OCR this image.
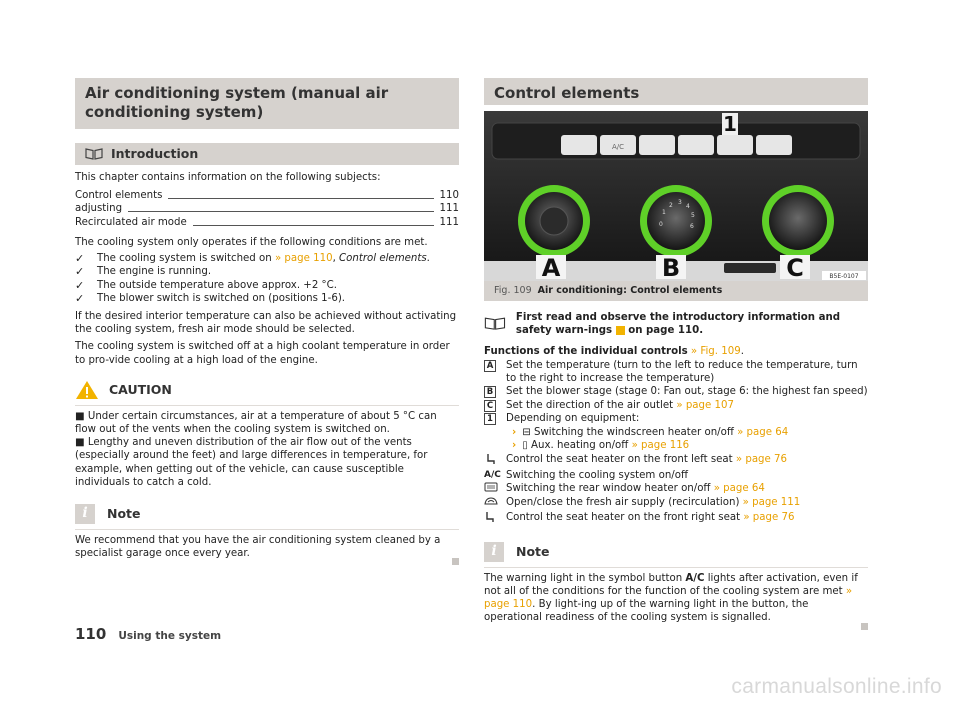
Air conditioning system (manual air conditioning system)
Introduction

This chapter contains information on the following subjects:

Control elements	110
adjusting	111
Recirculated air mode	111

The cooling system only operates if the following conditions are met.

✓	The cooling system is switched on » page 110, Control elements.
✓	The engine is running.
✓	The outside temperature above approx. +2 °C.
✓	The blower switch is switched on (positions 1-6).

If the desired interior temperature can also be achieved without activating the cooling system, fresh air mode should be selected.

The cooling system is switched off at a high coolant temperature in order to pro-vide cooling at a high load of the engine.

CAUTION

■ Under certain circumstances, air at a temperature of about 5 °C can flow out of the vents when the cooling system is switched on.

■ Lengthy and uneven distribution of the air flow out of the vents (especially around the feet) and large differences in temperature, for example, when getting out of the vehicle, can cause susceptible individuals to catch a cold.

i	Note

We recommend that you have the air conditioning system cleaned by a specialist garage once every year.

Control elements
A/C
1
0
1
2 3
4
5
6
A	B	C	B5E-0107
Fig. 109 Air conditioning: Control elements
First read and observe the introductory information and safety warn-ings  on page 110.

Functions of the individual controls » Fig. 109.

A	Set the temperature (turn to the left to reduce the temperature, turn to the right to increase the temperature)
B	Set the blower stage (stage 0: Fan out, stage 6: the highest fan speed)
C	Set the direction of the air outlet » page 107
1	Depending on equipment:
› ⊟ Switching the windscreen heater on/off » page 64
› ▯ Aux. heating on/off » page 116
Control the seat heater on the front left seat » page 76
A/C Switching the cooling system on/off
Switching the rear window heater on/off » page 64
Open/close the fresh air supply (recirculation) » page 111
Control the seat heater on the front right seat » page 76
i	Note

The warning light in the symbol button A/C lights after activation, even if not all of the conditions for the function of the cooling system are met » page 110. By light-ing up of the warning light in the button, the operational readiness of the cooling system is signalled.

110 Using the system
carmanualsonline.info
